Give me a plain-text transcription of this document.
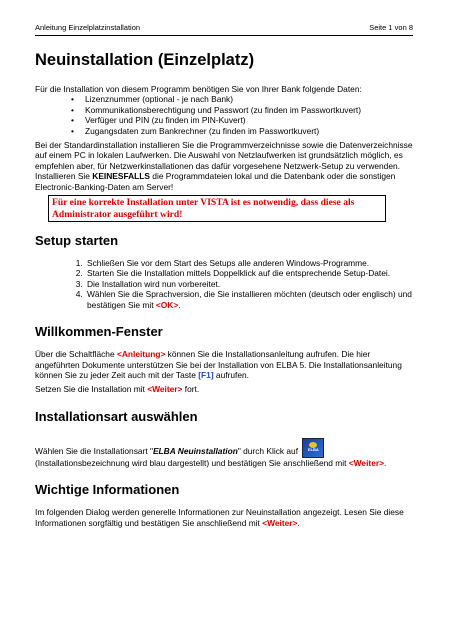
Anleitung Einzelplatzinstallation	Seite 1 von 8
Neuinstallation (Einzelplatz)

Für die Installation von diesem Programm benötigen Sie von Ihrer Bank folgende Daten:

• Lizenznummer (optional - je nach Bank)
• Kommunikationsberechtigung und Passwort (zu finden im Passwortkuvert)
• Verfüger und PIN (zu finden im PIN-Kuvert)
• Zugangsdaten zum Bankrechner (zu finden im Passwortkuvert)

Bei der Standardinstallation installieren Sie die Programmverzeichnisse sowie die Datenverzeichnisse auf einem PC in lokalen Laufwerken. Die Auswahl von Netzlaufwerken ist grundsätzlich möglich, es empfehlen aber, für Netzwerkinstallationen das dafür vorgesehene Netzwerk-Setup zu verwenden. Installieren Sie KEINESFALLS die Programmdateien lokal und die Datenbank oder die sonstigen Electronic-Banking-Daten am Server!

Für eine korrekte Installation unter VISTA ist es notwendig, dass diese als Administrator ausgeführt wird!
Setup starten
1. Schließen Sie vor dem Start des Setups alle anderen Windows-Programme.
2. Starten Sie die Installation mittels Doppelklick auf die entsprechende Setup-Datei.
3. Die Installation wird nun vorbereitet.
4. Wählen Sie die Sprachversion, die Sie installieren möchten (deutsch oder englisch) und bestätigen Sie mit <OK>.
Willkommen-Fenster

Über die Schaltfläche <Anleitung> können Sie die Installationsanleitung aufrufen. Die hier angeführten Dokumente unterstützen Sie bei der Installation von ELBA 5. Die Installationsanleitung können Sie zu jeder Zeit auch mit der Taste [F1] aufrufen.

Setzen Sie die Installation mit <Weiter> fort.

Installationsart auswählen

Wählen Sie die Installationsart "ELBA Neuinstallation" durch Klick auf	ELBA

(Installationsbezeichnung wird blau dargestellt) und bestätigen Sie anschließend mit <Weiter>.

Wichtige Informationen

Im folgenden Dialog werden generelle Informationen zur Neuinstallation angezeigt. Lesen Sie diese Informationen sorgfältig und bestätigen Sie anschließend mit <Weiter>.
